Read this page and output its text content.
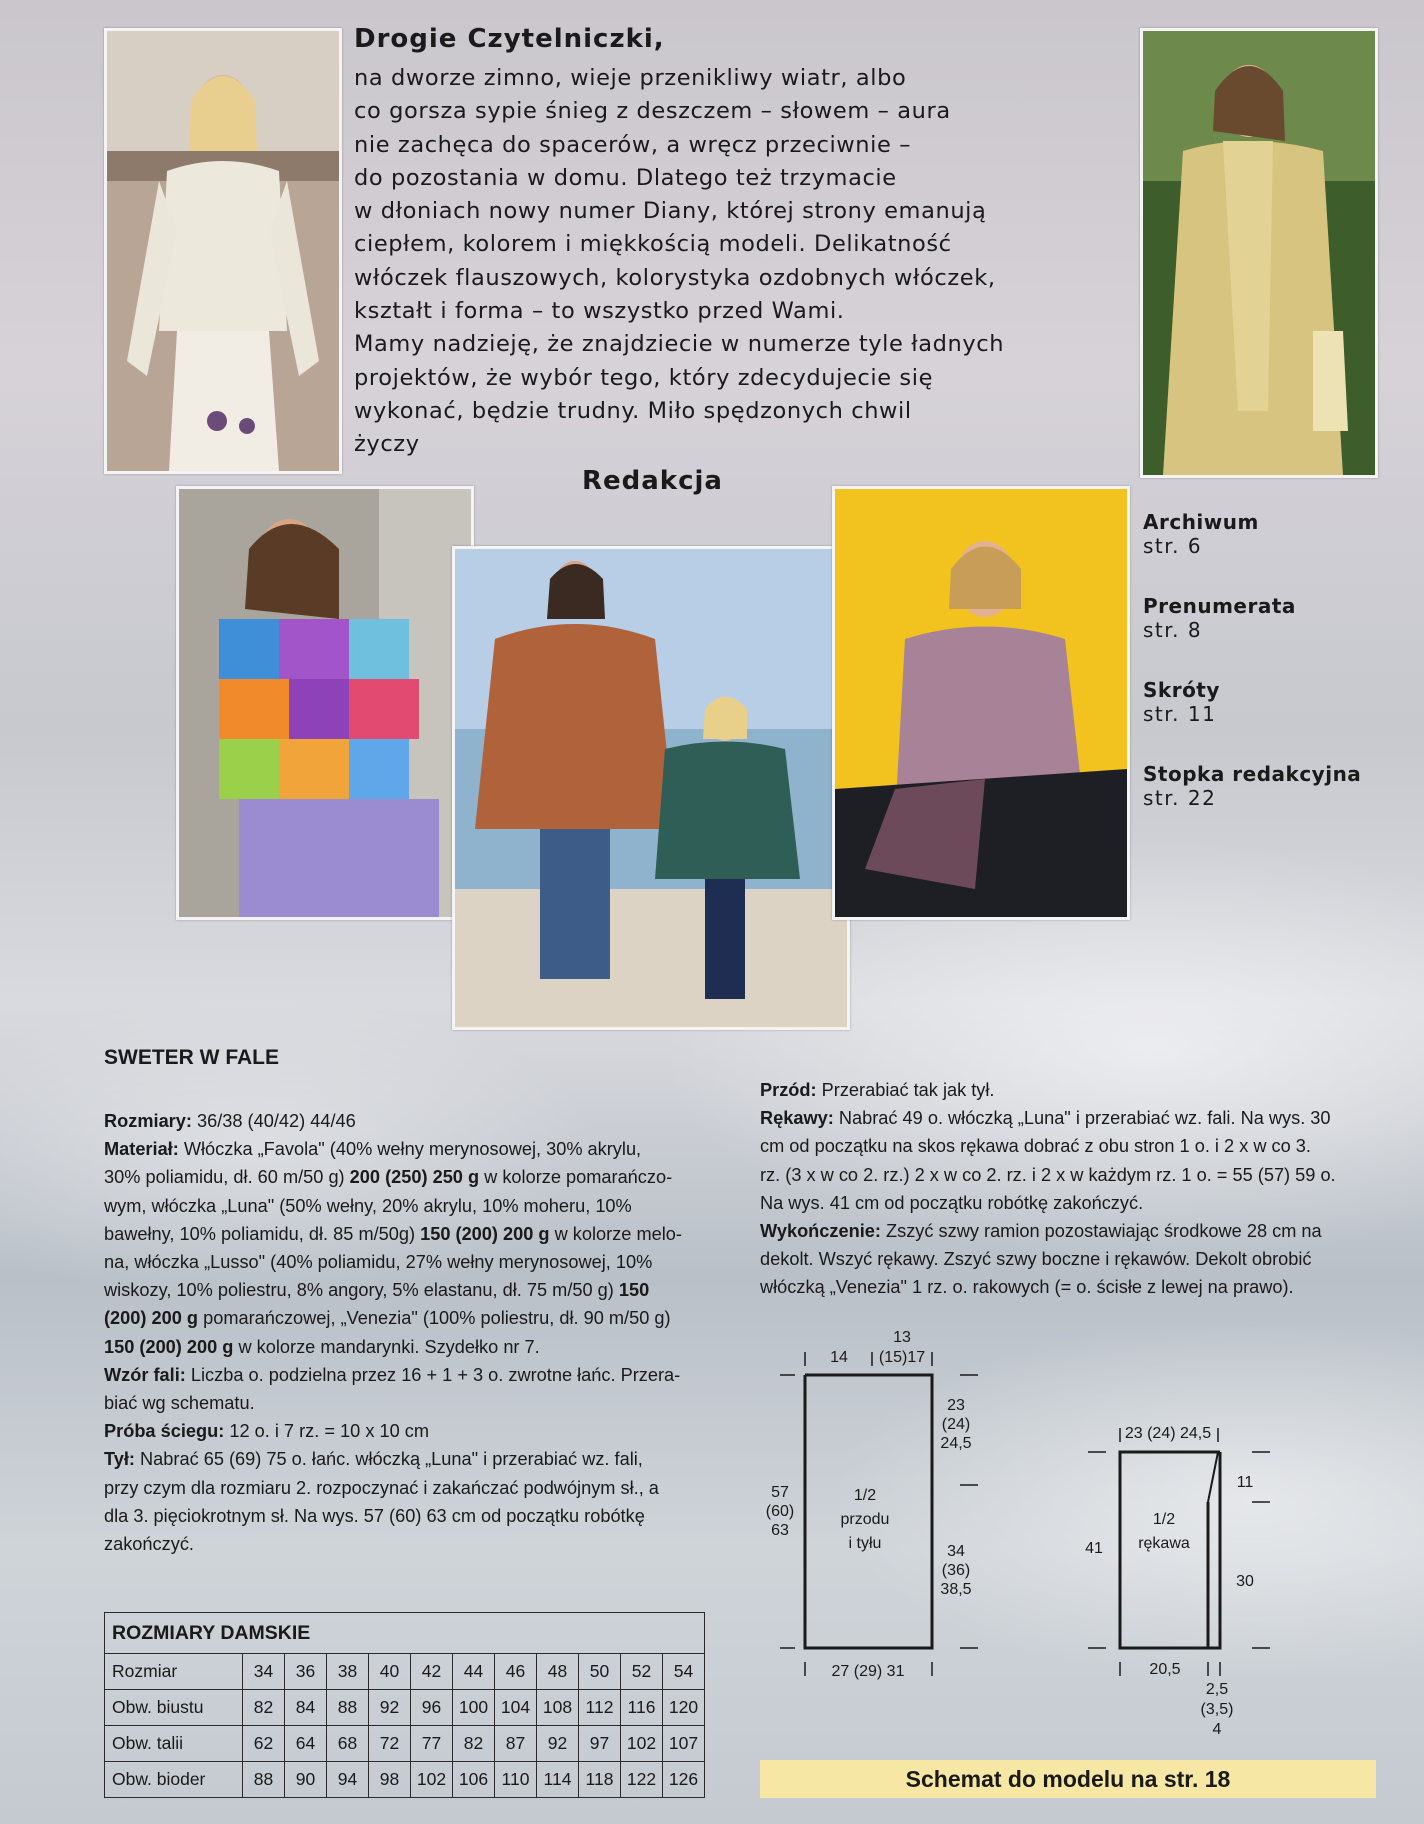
Drogie Czytelniczki,
na dworze zimno, wieje przenikliwy wiatr, albo
co gorsza sypie śnieg z deszczem – słowem – aura
nie zachęca do spacerów, a wręcz przeciwnie –
do pozostania w domu. Dlatego też trzymacie
w dłoniach nowy numer Diany, której strony emanują
ciepłem, kolorem i miękkością modeli. Delikatność
włóczek flauszowych, kolorystyka ozdobnych włóczek,
kształt i forma – to wszystko przed Wami.
Mamy nadzieję, że znajdziecie w numerze tyle ładnych
projektów, że wybór tego, który zdecydujecie się
wykonać, będzie trudny. Miło spędzonych chwil
życzy
Redakcja
Archiwum
str. 6
Prenumerata
str. 8
Skróty
str. 11
Stopka redakcyjna
str. 22
SWETER W FALE

Rozmiary: 36/38 (40/42) 44/46

Materiał: Włóczka „Favola" (40% wełny merynosowej, 30% akrylu,

30% poliamidu, dł. 60 m/50 g) 200 (250) 250 g w kolorze pomarańczo-

wym, włóczka „Luna" (50% wełny, 20% akrylu, 10% moheru, 10%

bawełny, 10% poliamidu, dł. 85 m/50g) 150 (200) 200 g w kolorze melo-

na, włóczka „Lusso" (40% poliamidu, 27% wełny merynosowej, 10%

wiskozy, 10% poliestru, 8% angory, 5% elastanu, dł. 75 m/50 g) 150

(200) 200 g pomarańczowej, „Venezia" (100% poliestru, dł. 90 m/50 g)

150 (200) 200 g w kolorze mandarynki. Szydełko nr 7.

Wzór fali: Liczba o. podzielna przez 16 + 1 + 3 o. zwrotne łańc. Przera-

biać wg schematu.

Próba ściegu: 12 o. i 7 rz. = 10 x 10 cm

Tył: Nabrać 65 (69) 75 o. łańc. włóczką „Luna" i przerabiać wz. fali,

przy czym dla rozmiaru 2. rozpoczynać i zakańczać podwójnym sł., a

dla 3. pięciokrotnym sł. Na wys. 57 (60) 63 cm od początku robótkę

zakończyć.

Przód: Przerabiać tak jak tył.

Rękawy: Nabrać 49 o. włóczką „Luna" i przerabiać wz. fali. Na wys. 30

cm od początku na skos rękawa dobrać z obu stron 1 o. i 2 x w co 3.

rz. (3 x w co 2. rz.) 2 x w co 2. rz. i 2 x w każdym rz. 1 o. = 55 (57) 59 o.

Na wys. 41 cm od początku robótkę zakończyć.

Wykończenie: Zszyć szwy ramion pozostawiając środkowe 28 cm na

dekolt. Wszyć rękawy. Zszyć szwy boczne i rękawów. Dekolt obrobić

włóczką „Venezia" 1 rz. o. rakowych (= o. ścisłe z lewej na prawo).

ROZMIARY DAMSKIE											
Rozmiar	34	36	38	40	42	44	46	48	50	52	54
Obw. biustu	82	84	88	92	96	100	104	108	112	116	120
Obw. talii	62	64	68	72	77	82	87	92	97	102	107
Obw. bioder	88	90	94	98	102	106	110	114	118	122	126
14
13
(15)17
23
(24)
24,5
34
(36)
38,5
57
(60)
63
27 (29) 31
1/2
przodu
i tyłu
23 (24) 24,5
11
30
41
20,5
2,5
(3,5)
4
1/2
rękawa
Schemat do modelu na str. 18
